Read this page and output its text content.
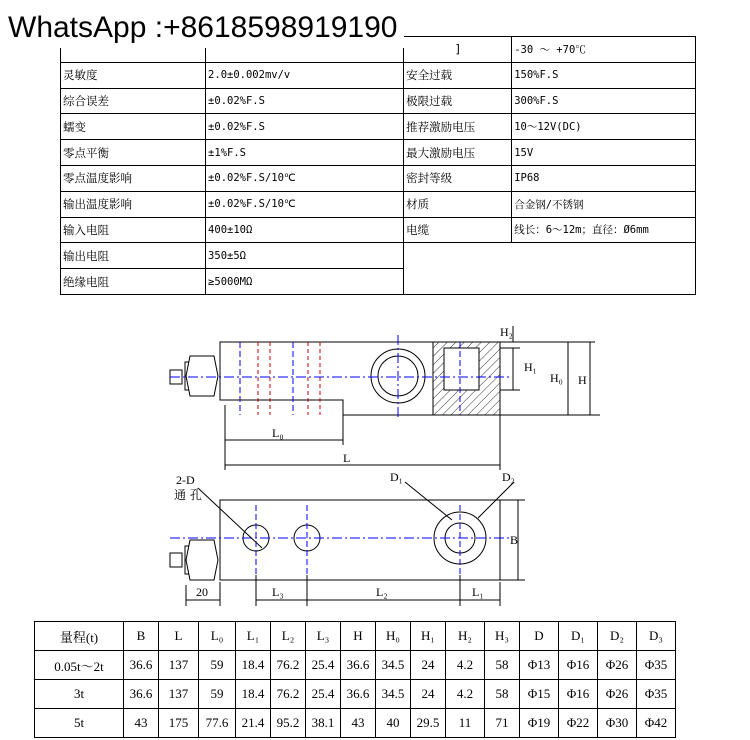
WhatsApp :+8618598919190
		]	-30 ～ +70℃
灵敏度	2.0±0.002mv/v	安全过载	150%F.S
综合误差	±0.02%F.S	极限过载	300%F.S
蠕变	±0.02%F.S	推荐激励电压	10～12V(DC)
零点平衡	±1%F.S	最大激励电压	15V
零点温度影响	±0.02%F.S/10℃	密封等级	IP68
输出温度影响	±0.02%F.S/10℃	材质	合金钢/不锈钢
输入电阻	400±10Ω	电缆	线长：6～12m；直径：Ø6mm
输出电阻	350±5Ω		
绝缘电阻	≥5000MΩ		
H₂
H₁
H₀ H
L₀
L
2-D
通 孔
D₁	D₂
B
20	L₃	L₂	L₁
量程(t)	B	L	L₀	L₁	L₂	L₃	H	H₀	H₁	H₂	H₃	D	D₁	D₂	D₃
0.05t～2t	36.6	137	59	18.4	76.2	25.4	36.6	34.5	24	4.2	58	Φ13	Φ16	Φ26	Φ35
3t	36.6	137	59	18.4	76.2	25.4	36.6	34.5	24	4.2	58	Φ15	Φ16	Φ26	Φ35
5t	43	175	77.6	21.4	95.2	38.1	43	40	29.5	11	71	Φ19	Φ22	Φ30	Φ42
